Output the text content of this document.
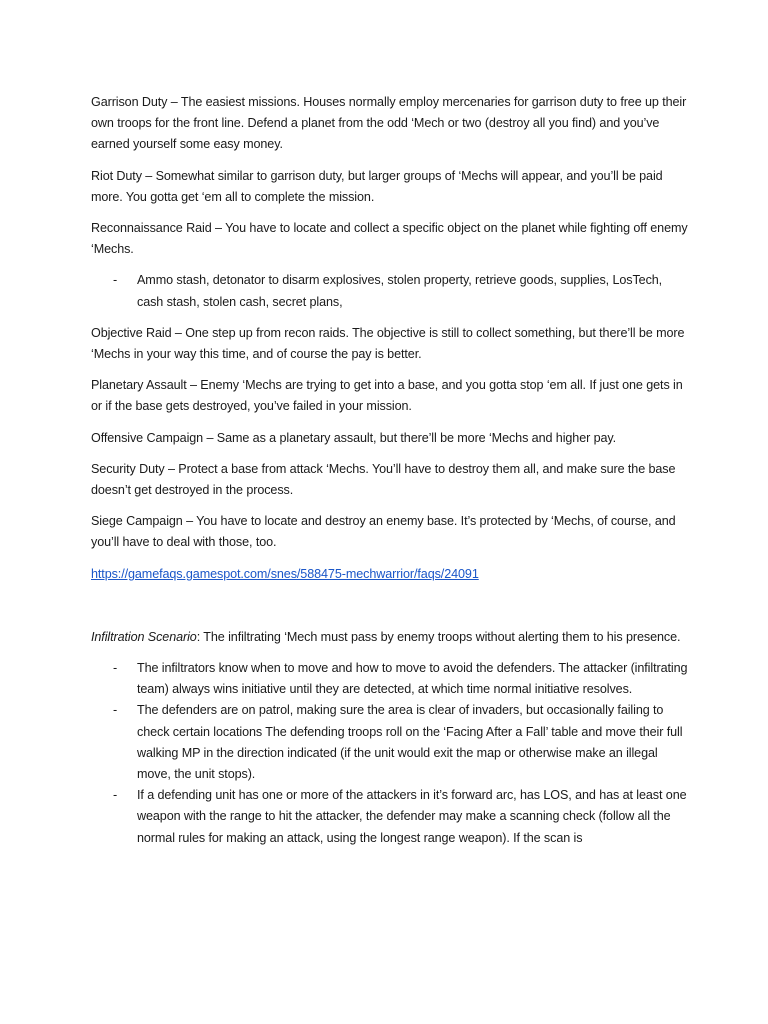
Garrison Duty – The easiest missions. Houses normally employ mercenaries for garrison duty to free up their own troops for the front line. Defend a planet from the odd ‘Mech or two (destroy all you find) and you’ve earned yourself some easy money.

Riot Duty – Somewhat similar to garrison duty, but larger groups of ‘Mechs will appear, and you’ll be paid more. You gotta get ‘em all to complete the mission.

Reconnaissance Raid – You have to locate and collect a specific object on the planet while fighting off enemy ‘Mechs.

- Ammo stash, detonator to disarm explosives, stolen property, retrieve goods, supplies, LosTech, cash stash, stolen cash, secret plans,

Objective Raid – One step up from recon raids. The objective is still to collect something, but there’ll be more ‘Mechs in your way this time, and of course the pay is better.

Planetary Assault – Enemy ‘Mechs are trying to get into a base, and you gotta stop ‘em all. If just one gets in or if the base gets destroyed, you’ve failed in your mission.

Offensive Campaign – Same as a planetary assault, but there’ll be more ‘Mechs and higher pay.

Security Duty – Protect a base from attack ‘Mechs. You’ll have to destroy them all, and make sure the base doesn’t get destroyed in the process.

Siege Campaign – You have to locate and destroy an enemy base. It’s protected by ‘Mechs, of course, and you’ll have to deal with those, too.

https://gamefaqs.gamespot.com/snes/588475-mechwarrior/faqs/24091

Infiltration Scenario: The infiltrating ‘Mech must pass by enemy troops without alerting them to his presence.

- The infiltrators know when to move and how to move to avoid the defenders. The attacker (infiltrating team) always wins initiative until they are detected, at which time normal initiative resolves.
- The defenders are on patrol, making sure the area is clear of invaders, but occasionally failing to check certain locations The defending troops roll on the ‘Facing After a Fall’ table and move their full walking MP in the direction indicated (if the unit would exit the map or otherwise make an illegal move, the unit stops).
- If a defending unit has one or more of the attackers in it’s forward arc, has LOS, and has at least one weapon with the range to hit the attacker, the defender may make a scanning check (follow all the normal rules for making an attack, using the longest range weapon). If the scan is
